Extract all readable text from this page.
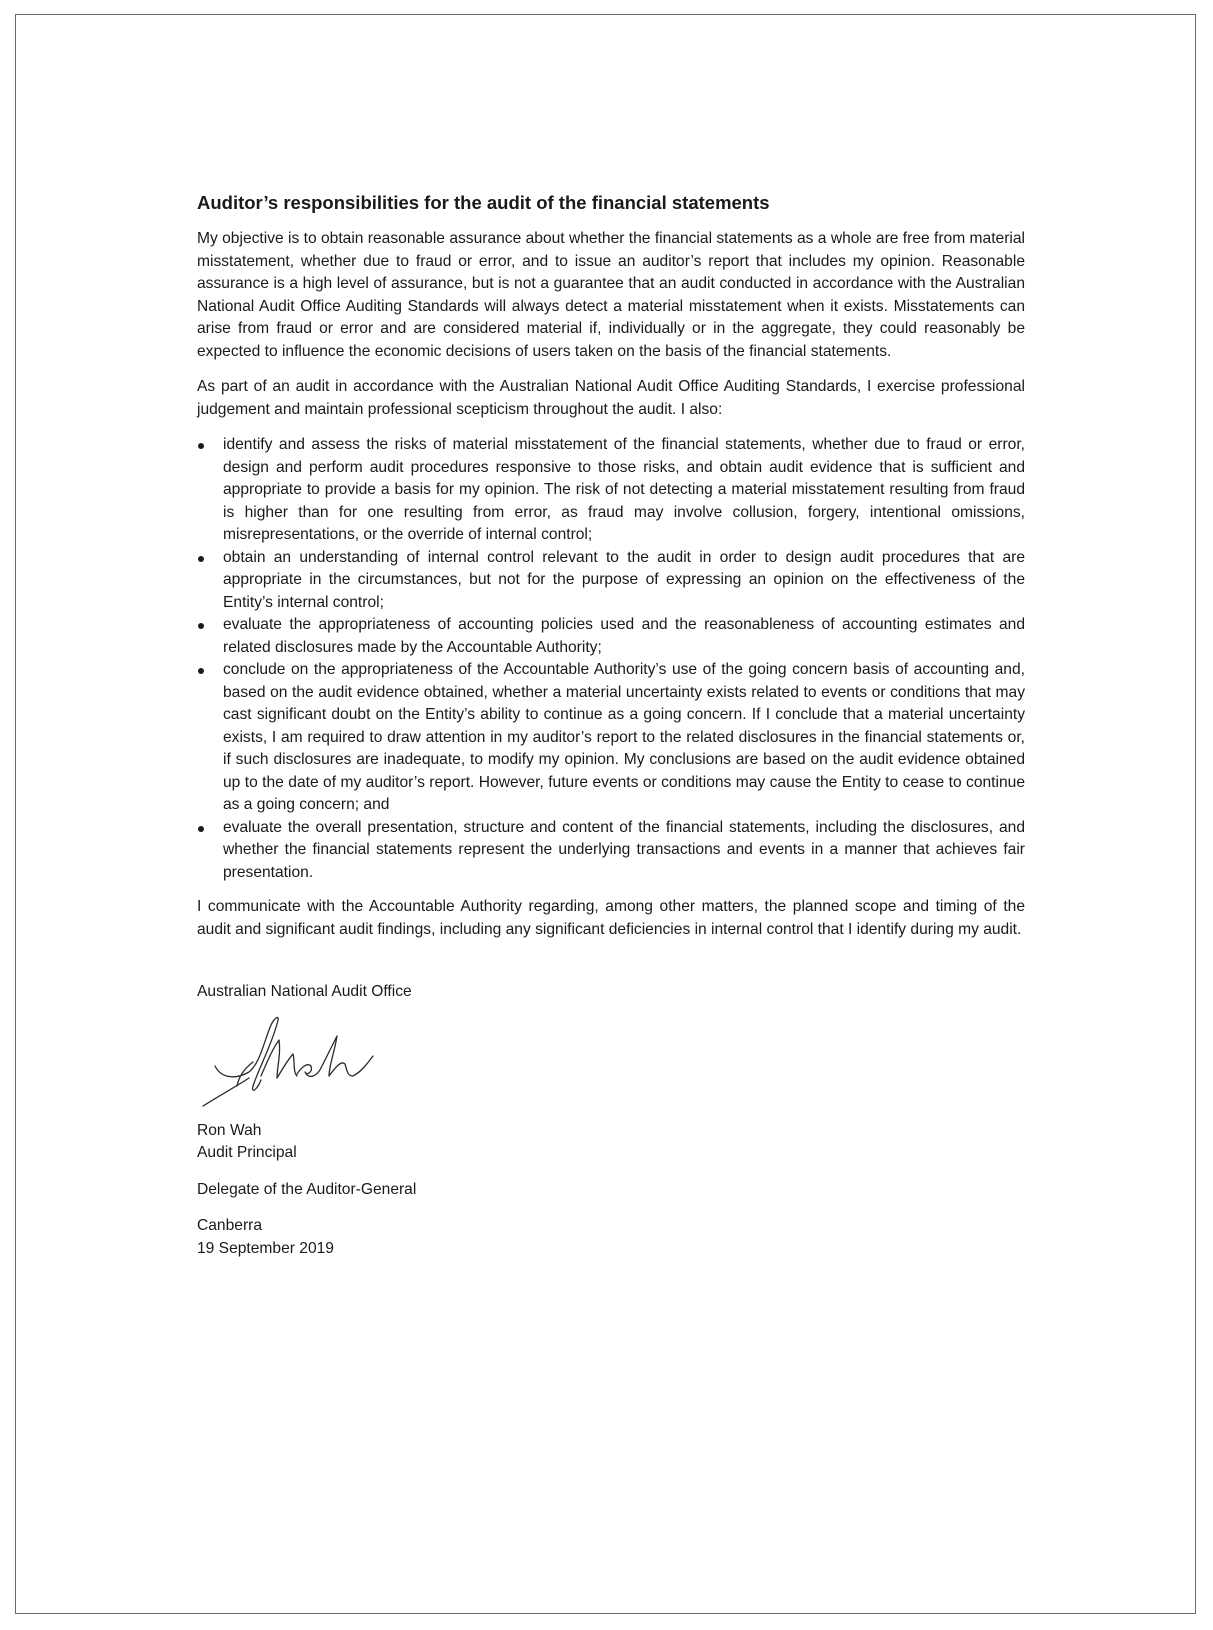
Auditor’s responsibilities for the audit of the financial statements

My objective is to obtain reasonable assurance about whether the financial statements as a whole are free from material misstatement, whether due to fraud or error, and to issue an auditor’s report that includes my opinion. Reasonable assurance is a high level of assurance, but is not a guarantee that an audit conducted in accordance with the Australian National Audit Office Auditing Standards will always detect a material misstatement when it exists. Misstatements can arise from fraud or error and are considered material if, individually or in the aggregate, they could reasonably be expected to influence the economic decisions of users taken on the basis of the financial statements.

As part of an audit in accordance with the Australian National Audit Office Auditing Standards, I exercise professional judgement and maintain professional scepticism throughout the audit. I also:

identify and assess the risks of material misstatement of the financial statements, whether due to fraud or error, design and perform audit procedures responsive to those risks, and obtain audit evidence that is sufficient and appropriate to provide a basis for my opinion. The risk of not detecting a material misstatement resulting from fraud is higher than for one resulting from error, as fraud may involve collusion, forgery, intentional omissions, misrepresentations, or the override of internal control;
obtain an understanding of internal control relevant to the audit in order to design audit procedures that are appropriate in the circumstances, but not for the purpose of expressing an opinion on the effectiveness of the Entity’s internal control;
evaluate the appropriateness of accounting policies used and the reasonableness of accounting estimates and related disclosures made by the Accountable Authority;
conclude on the appropriateness of the Accountable Authority’s use of the going concern basis of accounting and, based on the audit evidence obtained, whether a material uncertainty exists related to events or conditions that may cast significant doubt on the Entity’s ability to continue as a going concern. If I conclude that a material uncertainty exists, I am required to draw attention in my auditor’s report to the related disclosures in the financial statements or, if such disclosures are inadequate, to modify my opinion. My conclusions are based on the audit evidence obtained up to the date of my auditor’s report. However, future events or conditions may cause the Entity to cease to continue as a going concern; and
evaluate the overall presentation, structure and content of the financial statements, including the disclosures, and whether the financial statements represent the underlying transactions and events in a manner that achieves fair presentation.

I communicate with the Accountable Authority regarding, among other matters, the planned scope and timing of the audit and significant audit findings, including any significant deficiencies in internal control that I identify during my audit.

Australian National Audit Office

Ron Wah

Audit Principal

Delegate of the Auditor-General

Canberra

19 September 2019
